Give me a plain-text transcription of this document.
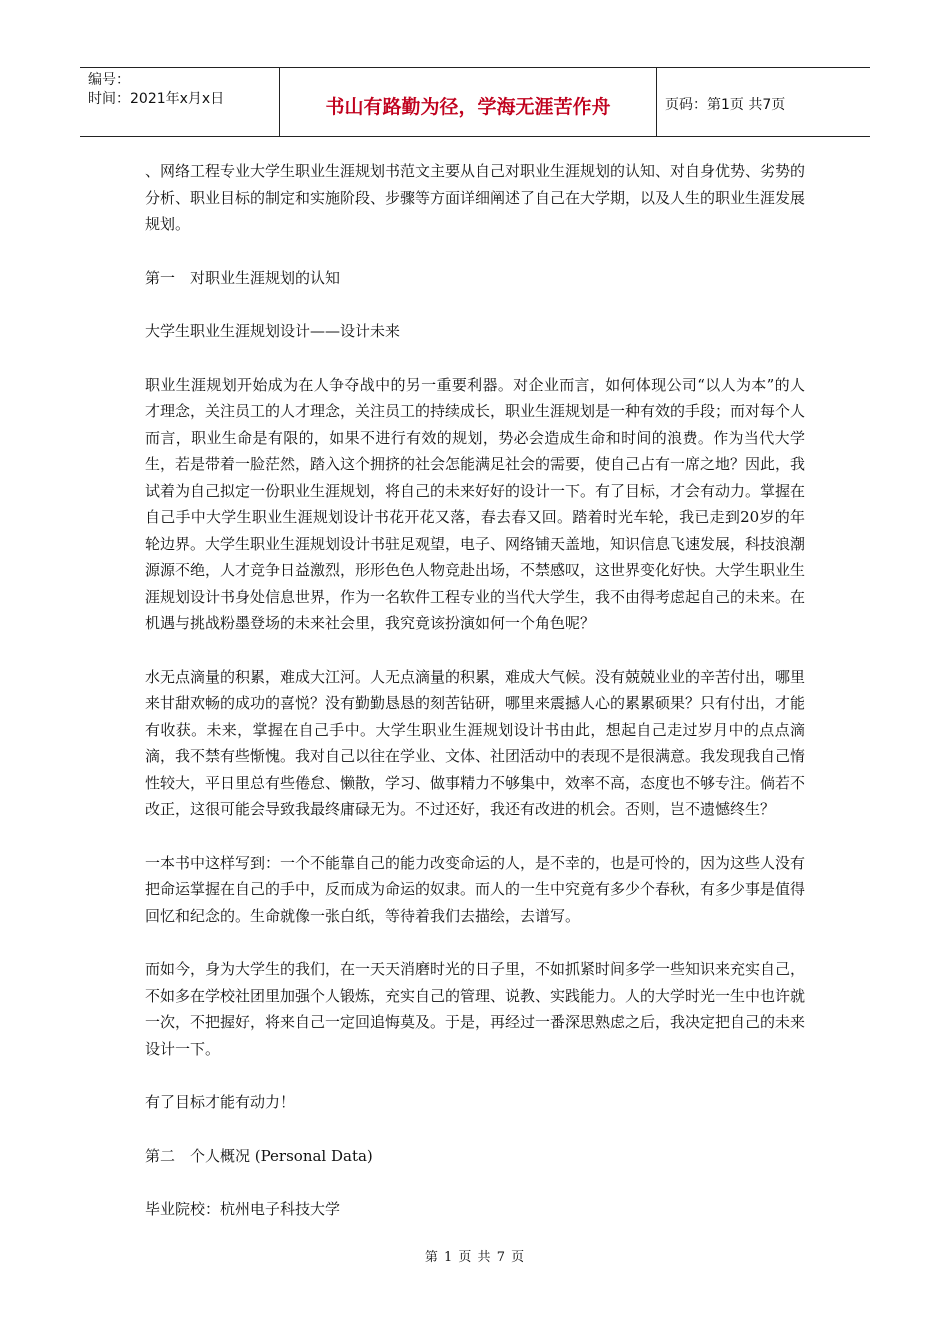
编号：
时间：2021年x月x日	书山有路勤为径，学海无涯苦作舟	页码：第1页 共7页

、网络工程专业大学生职业生涯规划书范文主要从自己对职业生涯规划的认知、对自身优势、劣势的分析、职业目标的制定和实施阶段、步骤等方面详细阐述了自己在大学期，以及人生的职业生涯发展规划。

第一　对职业生涯规划的认知

大学生职业生涯规划设计——设计未来

职业生涯规划开始成为在人争夺战中的另一重要利器。对企业而言，如何体现公司“以人为本”的人才理念，关注员工的人才理念，关注员工的持续成长，职业生涯规划是一种有效的手段；而对每个人而言，职业生命是有限的，如果不进行有效的规划，势必会造成生命和时间的浪费。作为当代大学生，若是带着一脸茫然，踏入这个拥挤的社会怎能满足社会的需要，使自己占有一席之地？因此，我试着为自己拟定一份职业生涯规划，将自己的未来好好的设计一下。有了目标，才会有动力。掌握在自己手中大学生职业生涯规划设计书花开花又落，春去春又回。踏着时光车轮，我已走到20岁的年轮边界。大学生职业生涯规划设计书驻足观望，电子、网络铺天盖地，知识信息飞速发展，科技浪潮源源不绝，人才竞争日益激烈，形形色色人物竞赴出场，不禁感叹，这世界变化好快。大学生职业生涯规划设计书身处信息世界，作为一名软件工程专业的当代大学生，我不由得考虑起自己的未来。在机遇与挑战粉墨登场的未来社会里，我究竟该扮演如何一个角色呢？

水无点滴量的积累，难成大江河。人无点滴量的积累，难成大气候。没有兢兢业业的辛苦付出，哪里来甘甜欢畅的成功的喜悦？没有勤勤恳恳的刻苦钻研，哪里来震撼人心的累累硕果？只有付出，才能有收获。未来，掌握在自己手中。大学生职业生涯规划设计书由此，想起自己走过岁月中的点点滴滴，我不禁有些惭愧。我对自己以往在学业、文体、社团活动中的表现不是很满意。我发现我自己惰性较大，平日里总有些倦怠、懒散，学习、做事精力不够集中，效率不高，态度也不够专注。倘若不改正，这很可能会导致我最终庸碌无为。不过还好，我还有改进的机会。否则，岂不遗憾终生？

一本书中这样写到：一个不能靠自己的能力改变命运的人，是不幸的，也是可怜的，因为这些人没有把命运掌握在自己的手中，反而成为命运的奴隶。而人的一生中究竟有多少个春秋，有多少事是值得回忆和纪念的。生命就像一张白纸，等待着我们去描绘，去谱写。

而如今，身为大学生的我们，在一天天消磨时光的日子里，不如抓紧时间多学一些知识来充实自己，不如多在学校社团里加强个人锻炼，充实自己的管理、说教、实践能力。人的大学时光一生中也许就一次，不把握好，将来自己一定回追悔莫及。于是，再经过一番深思熟虑之后，我决定把自己的未来设计一下。

有了目标才能有动力！

第二　个人概况 (Personal Data)

毕业院校：杭州电子科技大学

第 1 页 共 7 页
